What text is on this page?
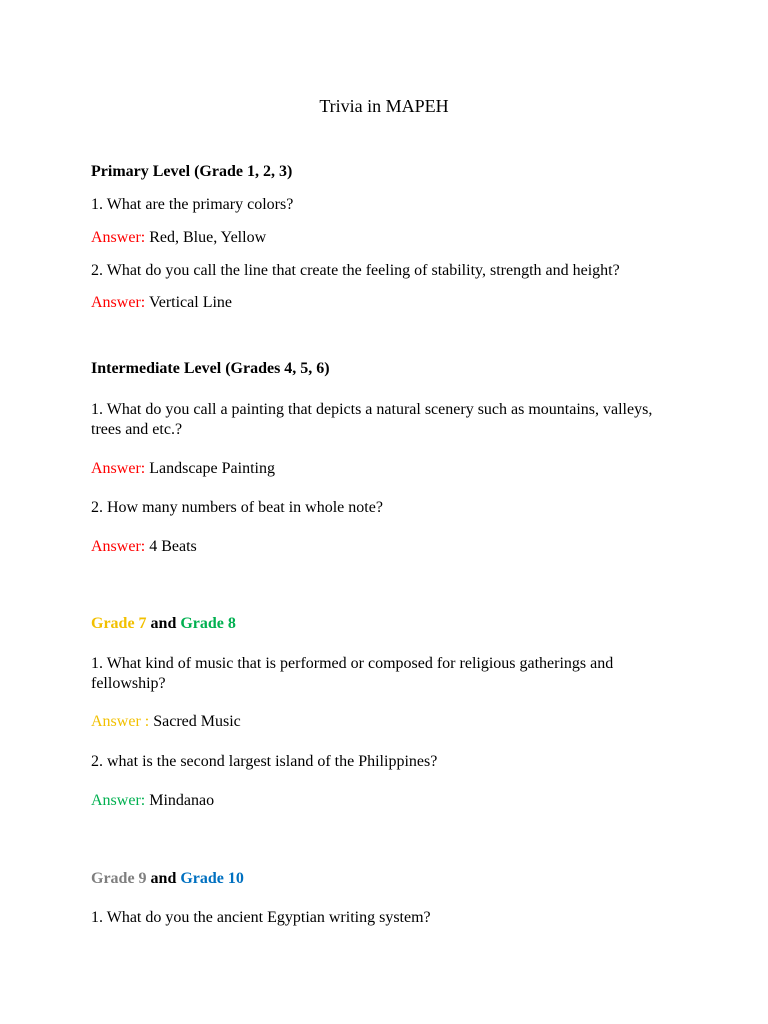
Trivia in MAPEH
Primary Level (Grade 1, 2, 3)
1. What are the primary colors?
Answer: Red, Blue, Yellow
2. What do you call the line that create the feeling of stability, strength and height?
Answer: Vertical Line
Intermediate Level (Grades 4, 5, 6)
1. What do you call a painting that depicts a natural scenery such as mountains, valleys, trees and etc.?
Answer: Landscape Painting
2. How many numbers of beat in whole note?
Answer: 4 Beats
Grade 7 and Grade 8
1. What kind of music that is performed or composed for religious gatherings and fellowship?
Answer : Sacred Music
2. what is the second largest island of the Philippines?
Answer: Mindanao
Grade 9 and Grade 10
1. What do you the ancient Egyptian writing system?
